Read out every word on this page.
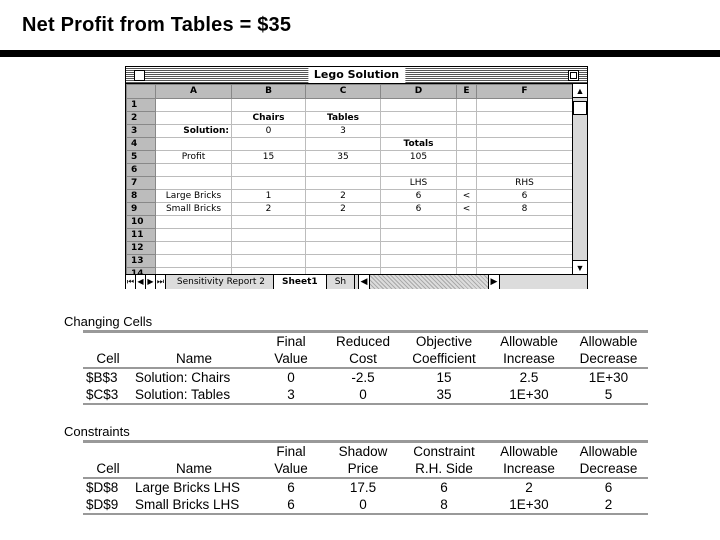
Net Profit from Tables = $35
Lego Solution
	A	B	C	D	E	F
1						
2		Chairs	Tables			
3	Solution:	0	3			
4				Totals		
5	Profit	15	35	105		
6						
7				LHS		RHS
8	Large Bricks	1	2	6	<	6
9	Small Bricks	2	2	6	<	8
10						
11						
12						
13						

▲
▼
⏮ ◀ ▶ ⏭ Sensitivity Report 2 Sheet1 Sh ◀	▶
Changing Cells
		Final	Reduced	Objective	Allowable	Allowable
Cell	Name	Value	Cost	Coefficient	Increase	Decrease
$B$3	Solution: Chairs	0	-2.5	15	2.5	1E+30
$C$3	Solution: Tables	3	0	35	1E+30	5
Constraints
		Final	Shadow	Constraint	Allowable	Allowable
Cell	Name	Value	Price	R.H. Side	Increase	Decrease
$D$8	Large Bricks LHS	6	17.5	6	2	6
$D$9	Small Bricks LHS	6	0	8	1E+30	2
